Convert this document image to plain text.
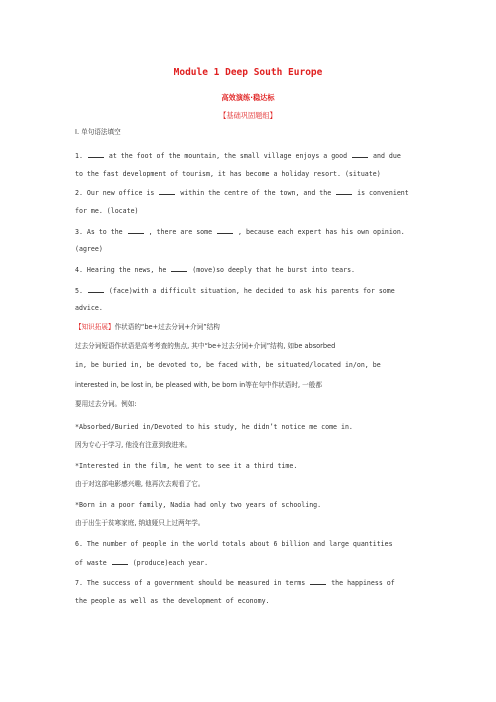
Module 1 Deep South Europe
高效演练·稳达标
【基础巩固题组】
Ⅰ. 单句语法填空
1.	at the foot of the mountain, the small village enjoys a good	and due
to the fast development of tourism, it has become a holiday resort. (situate)
2. Our new office is	within the centre of the town, and the	is convenient
for me. (locate)
3. As to the	, there are some	, because each expert has his own opinion.
(agree)
4. Hearing the news, he	(move)so deeply that he burst into tears.
5.	(face)with a difficult situation, he decided to ask his parents for some
advice.
【知识拓展】作状语的“be+过去分词+介词”结构
过去分词短语作状语是高考考查的焦点, 其中“be+过去分词+介词”结构, 如be absorbed
in, be buried in, be devoted to, be faced with, be situated/located in/on, be
interested in, be lost in, be pleased with, be born in等在句中作状语时, 一般都
要用过去分词。例如:
*Absorbed/Buried in/Devoted to his study, he didn’t notice me come in.
因为专心于学习, 他没有注意到我进来。
*Interested in the film, he went to see it a third time.
由于对这部电影感兴趣, 他再次去观看了它。
*Born in a poor family, Nadia had only two years of schooling.
由于出生于贫寒家庭, 纳迪娅只上过两年学。
6. The number of people in the world totals about 6 billion and large quantities
of waste	(produce)each year.
7. The success of a government should be measured in terms	the happiness of
the people as well as the development of economy.
